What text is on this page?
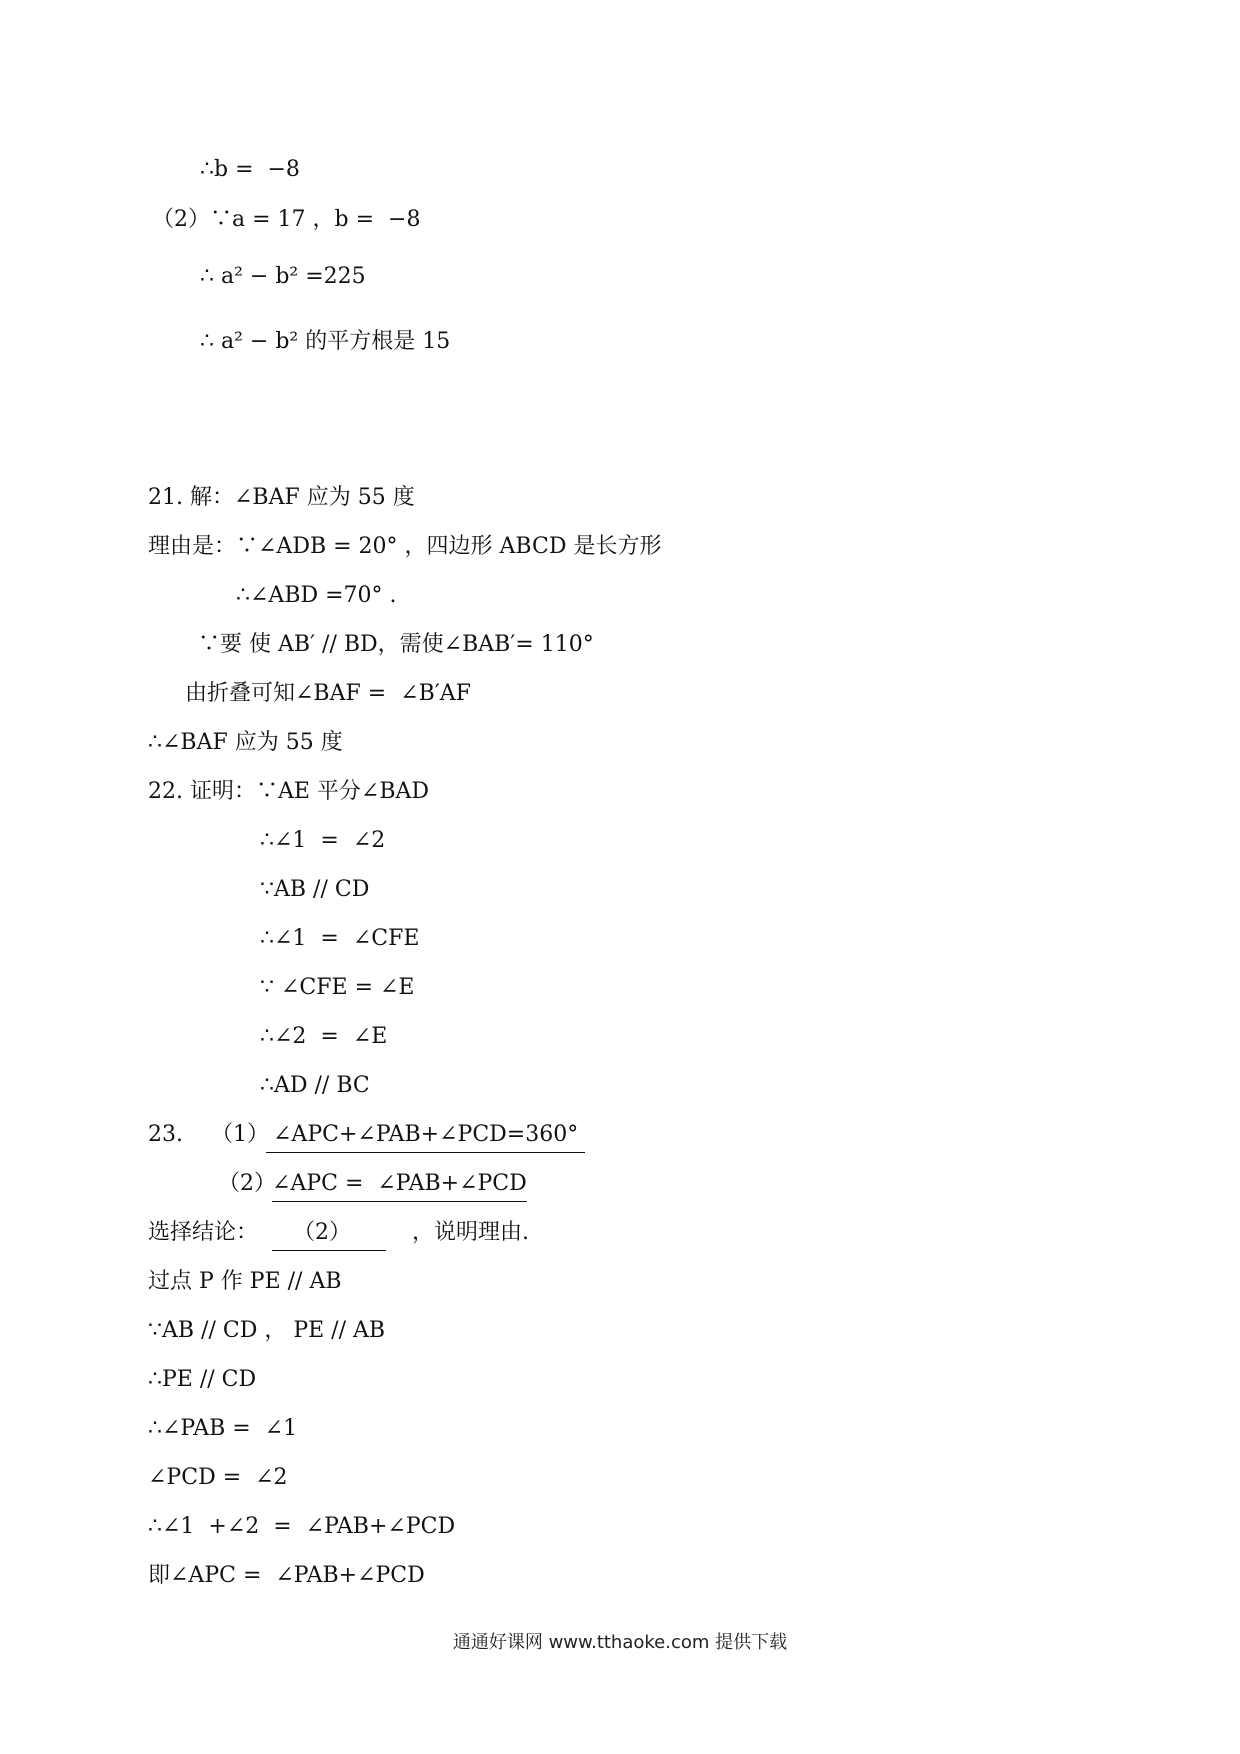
∴b =  −8
（2）∵a = 17 ，b =  −8
∴ a² − b² =225
∴ a² − b² 的平方根是 15
21. 解：∠BAF 应为 55 度
理由是：∵∠ADB = 20° ，四边形 ABCD 是长方形
∴∠ABD =70° .
∵要 使 AB′ // BD，需使∠BAB′= 110°
由折叠可知∠BAF =  ∠B′AF
∴∠BAF 应为 55 度
22. 证明：∵AE 平分∠BAD
∴∠1  =  ∠2
∵AB // CD
∴∠1  =  ∠CFE
∵ ∠CFE = ∠E
∴∠2  =  ∠E
∴AD // BC
23.    （1）
∠APC+∠PAB+∠PCD=360°
（2）
∠APC =  ∠PAB+∠PCD
选择结论： （2） ，说明理由.
过点 P 作 PE // AB
∵AB // CD ， PE // AB
∴PE // CD
∴∠PAB =  ∠1
∠PCD =  ∠2
∴∠1  +∠2  =  ∠PAB+∠PCD
即∠APC =  ∠PAB+∠PCD
通通好课网 www.tthaoke.com 提供下载
